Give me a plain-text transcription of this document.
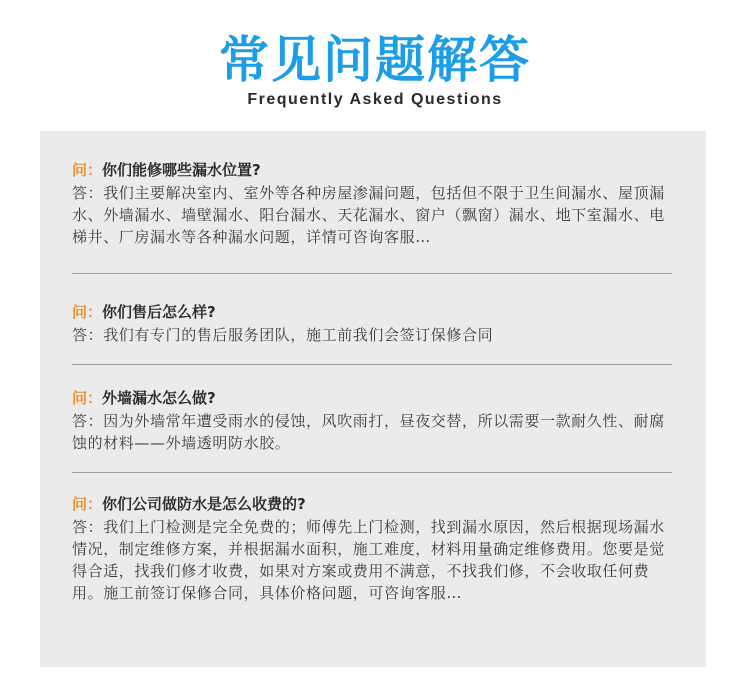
常见问题解答
Frequently Asked Questions
问：你们能修哪些漏水位置?
答：我们主要解决室内、室外等各种房屋渗漏问题，包括但不限于卫生间漏水、屋顶漏水、外墙漏水、墙壁漏水、阳台漏水、天花漏水、窗户（飘窗）漏水、地下室漏水、电梯井、厂房漏水等各种漏水问题，详情可咨询客服…
问：你们售后怎么样?
答：我们有专门的售后服务团队，施工前我们会签订保修合同
问：外墙漏水怎么做?
答：因为外墙常年遭受雨水的侵蚀，风吹雨打，昼夜交替，所以需要一款耐久性、耐腐蚀的材料——外墙透明防水胶。
问：你们公司做防水是怎么收费的?
答：我们上门检测是完全免费的；师傅先上门检测，找到漏水原因，然后根据现场漏水情况，制定维修方案，并根据漏水面积，施工难度，材料用量确定维修费用。您要是觉得合适，找我们修才收费，如果对方案或费用不满意，不找我们修，不会收取任何费用。施工前签订保修合同，具体价格问题，可咨询客服…
